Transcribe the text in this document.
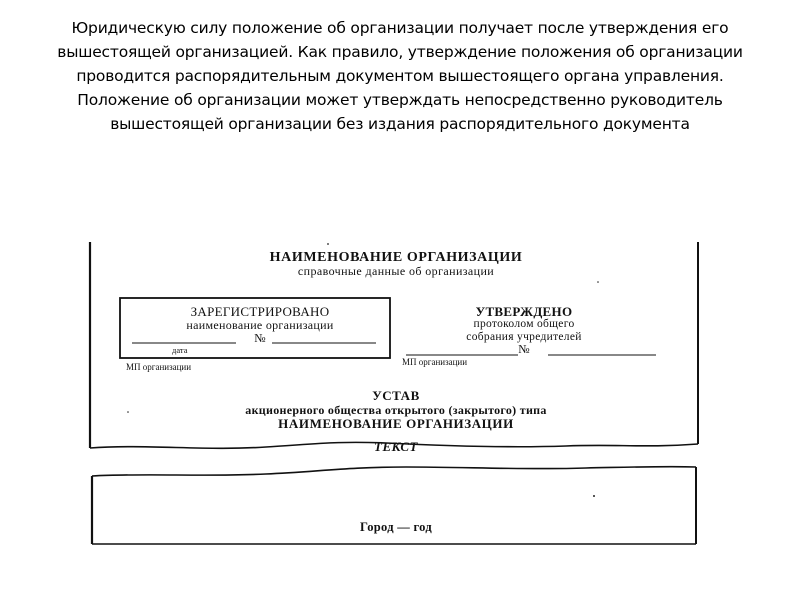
Юридическую силу положение об организации получает после утверждения его вышестоящей организацией. Как правило, утверждение положения об организации проводится распорядительным документом вышестоящего органа управления. Положение об организации может утверждать непосредственно руководитель вышестоящей организации без издания распорядительного документа

НАИМЕНОВАНИЕ ОРГАНИЗАЦИИ
справочные данные об организации
ЗАРЕГИСТРИРОВАНО
наименование организации
№
дата
МП организации
УТВЕРЖДЕНО
протоколом общего
собрания учредителей
№
МП организации
УСТАВ
акционерного общества открытого (закрытого) типа
НАИМЕНОВАНИЕ ОРГАНИЗАЦИИ
ТЕКСТ
Город — год
